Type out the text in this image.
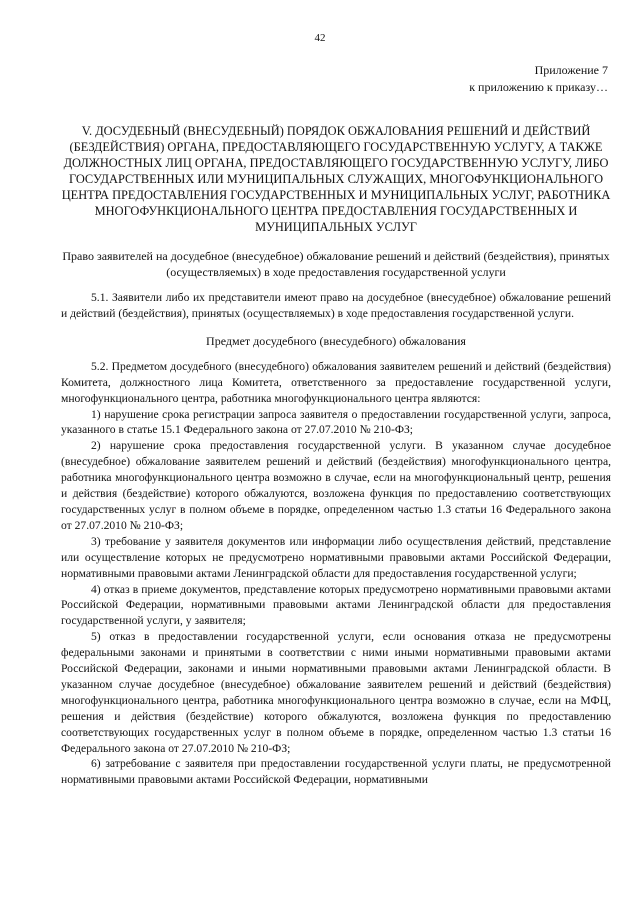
42
Приложение 7
к приложению к приказу…
V. ДОСУДЕБНЫЙ (ВНЕСУДЕБНЫЙ) ПОРЯДОК ОБЖАЛОВАНИЯ РЕШЕНИЙ И ДЕЙСТВИЙ (БЕЗДЕЙСТВИЯ) ОРГАНА, ПРЕДОСТАВЛЯЮЩЕГО ГОСУДАРСТВЕННУЮ УСЛУГУ, А ТАКЖЕ ДОЛЖНОСТНЫХ ЛИЦ ОРГАНА, ПРЕДОСТАВЛЯЮЩЕГО ГОСУДАРСТВЕННУЮ УСЛУГУ, ЛИБО ГОСУДАРСТВЕННЫХ ИЛИ МУНИЦИПАЛЬНЫХ СЛУЖАЩИХ, МНОГОФУНКЦИОНАЛЬНОГО ЦЕНТРА ПРЕДОСТАВЛЕНИЯ ГОСУДАРСТВЕННЫХ И МУНИЦИПАЛЬНЫХ УСЛУГ, РАБОТНИКА МНОГОФУНКЦИОНАЛЬНОГО ЦЕНТРА ПРЕДОСТАВЛЕНИЯ ГОСУДАРСТВЕННЫХ И МУНИЦИПАЛЬНЫХ УСЛУГ
Право заявителей на досудебное (внесудебное) обжалование решений и действий (бездействия), принятых (осуществляемых) в ходе предоставления государственной услуги

5.1. Заявители либо их представители имеют право на досудебное (внесудебное) обжалование решений и действий (бездействия), принятых (осуществляемых) в ходе предоставления государственной услуги.

Предмет досудебного (внесудебного) обжалования

5.2. Предметом досудебного (внесудебного) обжалования заявителем решений и действий (бездействия) Комитета, должностного лица Комитета, ответственного за предоставление государственной услуги, многофункционального центра, работника многофункционального центра являются:

1) нарушение срока регистрации запроса заявителя о предоставлении государственной услуги, запроса, указанного в статье 15.1 Федерального закона от 27.07.2010 № 210-ФЗ;

2) нарушение срока предоставления государственной услуги. В указанном случае досудебное (внесудебное) обжалование заявителем решений и действий (бездействия) многофункционального центра, работника многофункционального центра возможно в случае, если на многофункциональный центр, решения и действия (бездействие) которого обжалуются, возложена функция по предоставлению соответствующих государственных услуг в полном объеме в порядке, определенном частью 1.3 статьи 16 Федерального закона от 27.07.2010 № 210-ФЗ;

3) требование у заявителя документов или информации либо осуществления действий, представление или осуществление которых не предусмотрено нормативными правовыми актами Российской Федерации, нормативными правовыми актами Ленинградской области для предоставления государственной услуги;

4) отказ в приеме документов, представление которых предусмотрено нормативными правовыми актами Российской Федерации, нормативными правовыми актами Ленинградской области для предоставления государственной услуги, у заявителя;

5) отказ в предоставлении государственной услуги, если основания отказа не предусмотрены федеральными законами и принятыми в соответствии с ними иными нормативными правовыми актами Российской Федерации, законами и иными нормативными правовыми актами Ленинградской области. В указанном случае досудебное (внесудебное) обжалование заявителем решений и действий (бездействия) многофункционального центра, работника многофункционального центра возможно в случае, если на МФЦ, решения и действия (бездействие) которого обжалуются, возложена функция по предоставлению соответствующих государственных услуг в полном объеме в порядке, определенном частью 1.3 статьи 16 Федерального закона от 27.07.2010 № 210-ФЗ;

6) затребование с заявителя при предоставлении государственной услуги платы, не предусмотренной нормативными правовыми актами Российской Федерации, нормативными
